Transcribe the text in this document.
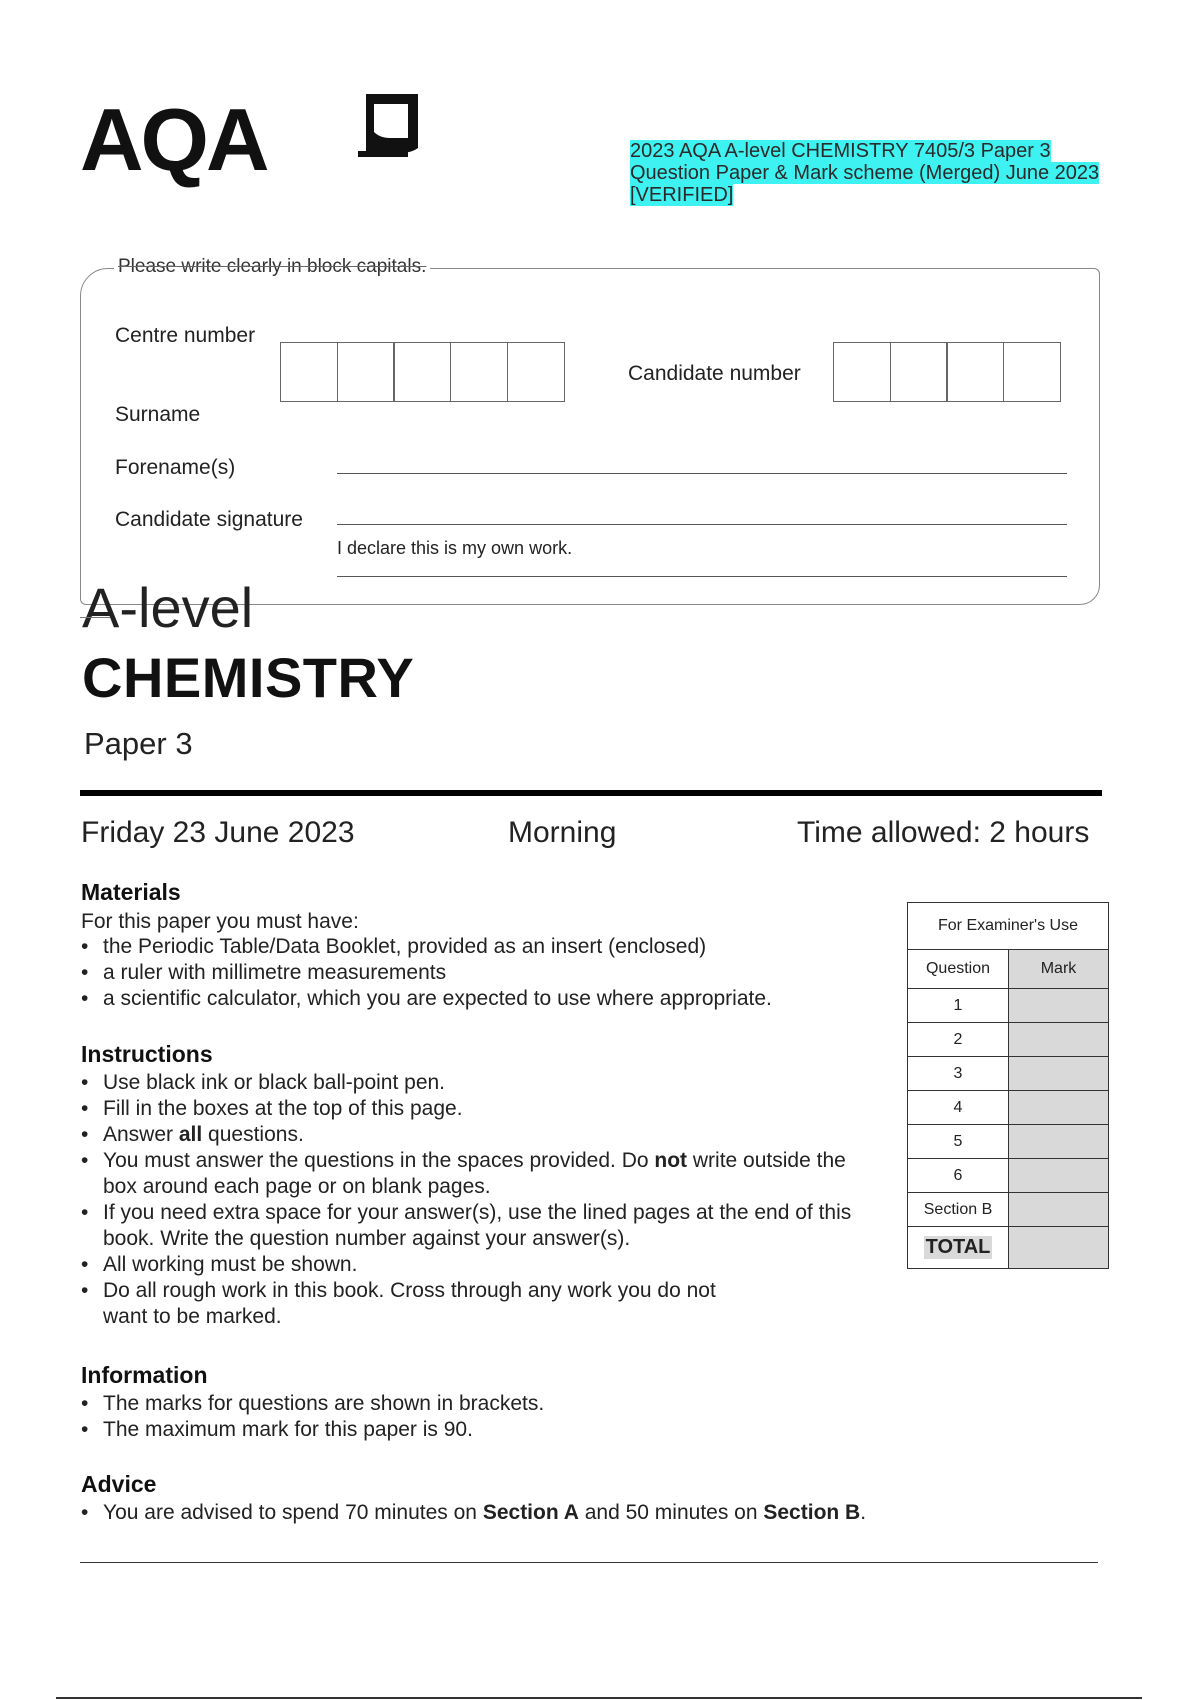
AQA	2023 AQA A-level CHEMISTRY 7405/3 Paper 3 Question Paper & Mark scheme (Merged) June 2023 [VERIFIED]
Please write clearly in block capitals.
Centre number
Candidate number
Surname
Forename(s)
Candidate signature
I declare this is my own work.
A-level
CHEMISTRY
Paper 3
Friday 23 June 2023	Morning	Time allowed: 2 hours
Materials
For this paper you must have:
• the Periodic Table/Data Booklet, provided as an insert (enclosed)
• a ruler with millimetre measurements
• a scientific calculator, which you are expected to use where appropriate.
Instructions
• Use black ink or black ball-point pen.
• Fill in the boxes at the top of this page.
• Answer all questions.
• You must answer the questions in the spaces provided. Do not write outside the box around each page or on blank pages.
• If you need extra space for your answer(s), use the lined pages at the end of this book. Write the question number against your answer(s).
• All working must be shown.
• Do all rough work in this book. Cross through any work you do not want to be marked.
Information
• The marks for questions are shown in brackets.
• The maximum mark for this paper is 90.
Advice
• You are advised to spend 70 minutes on Section A and 50 minutes on Section B.
For Examiner's Use
Question	Mark
1
2
3
4
5
6
Section B
TOTAL
